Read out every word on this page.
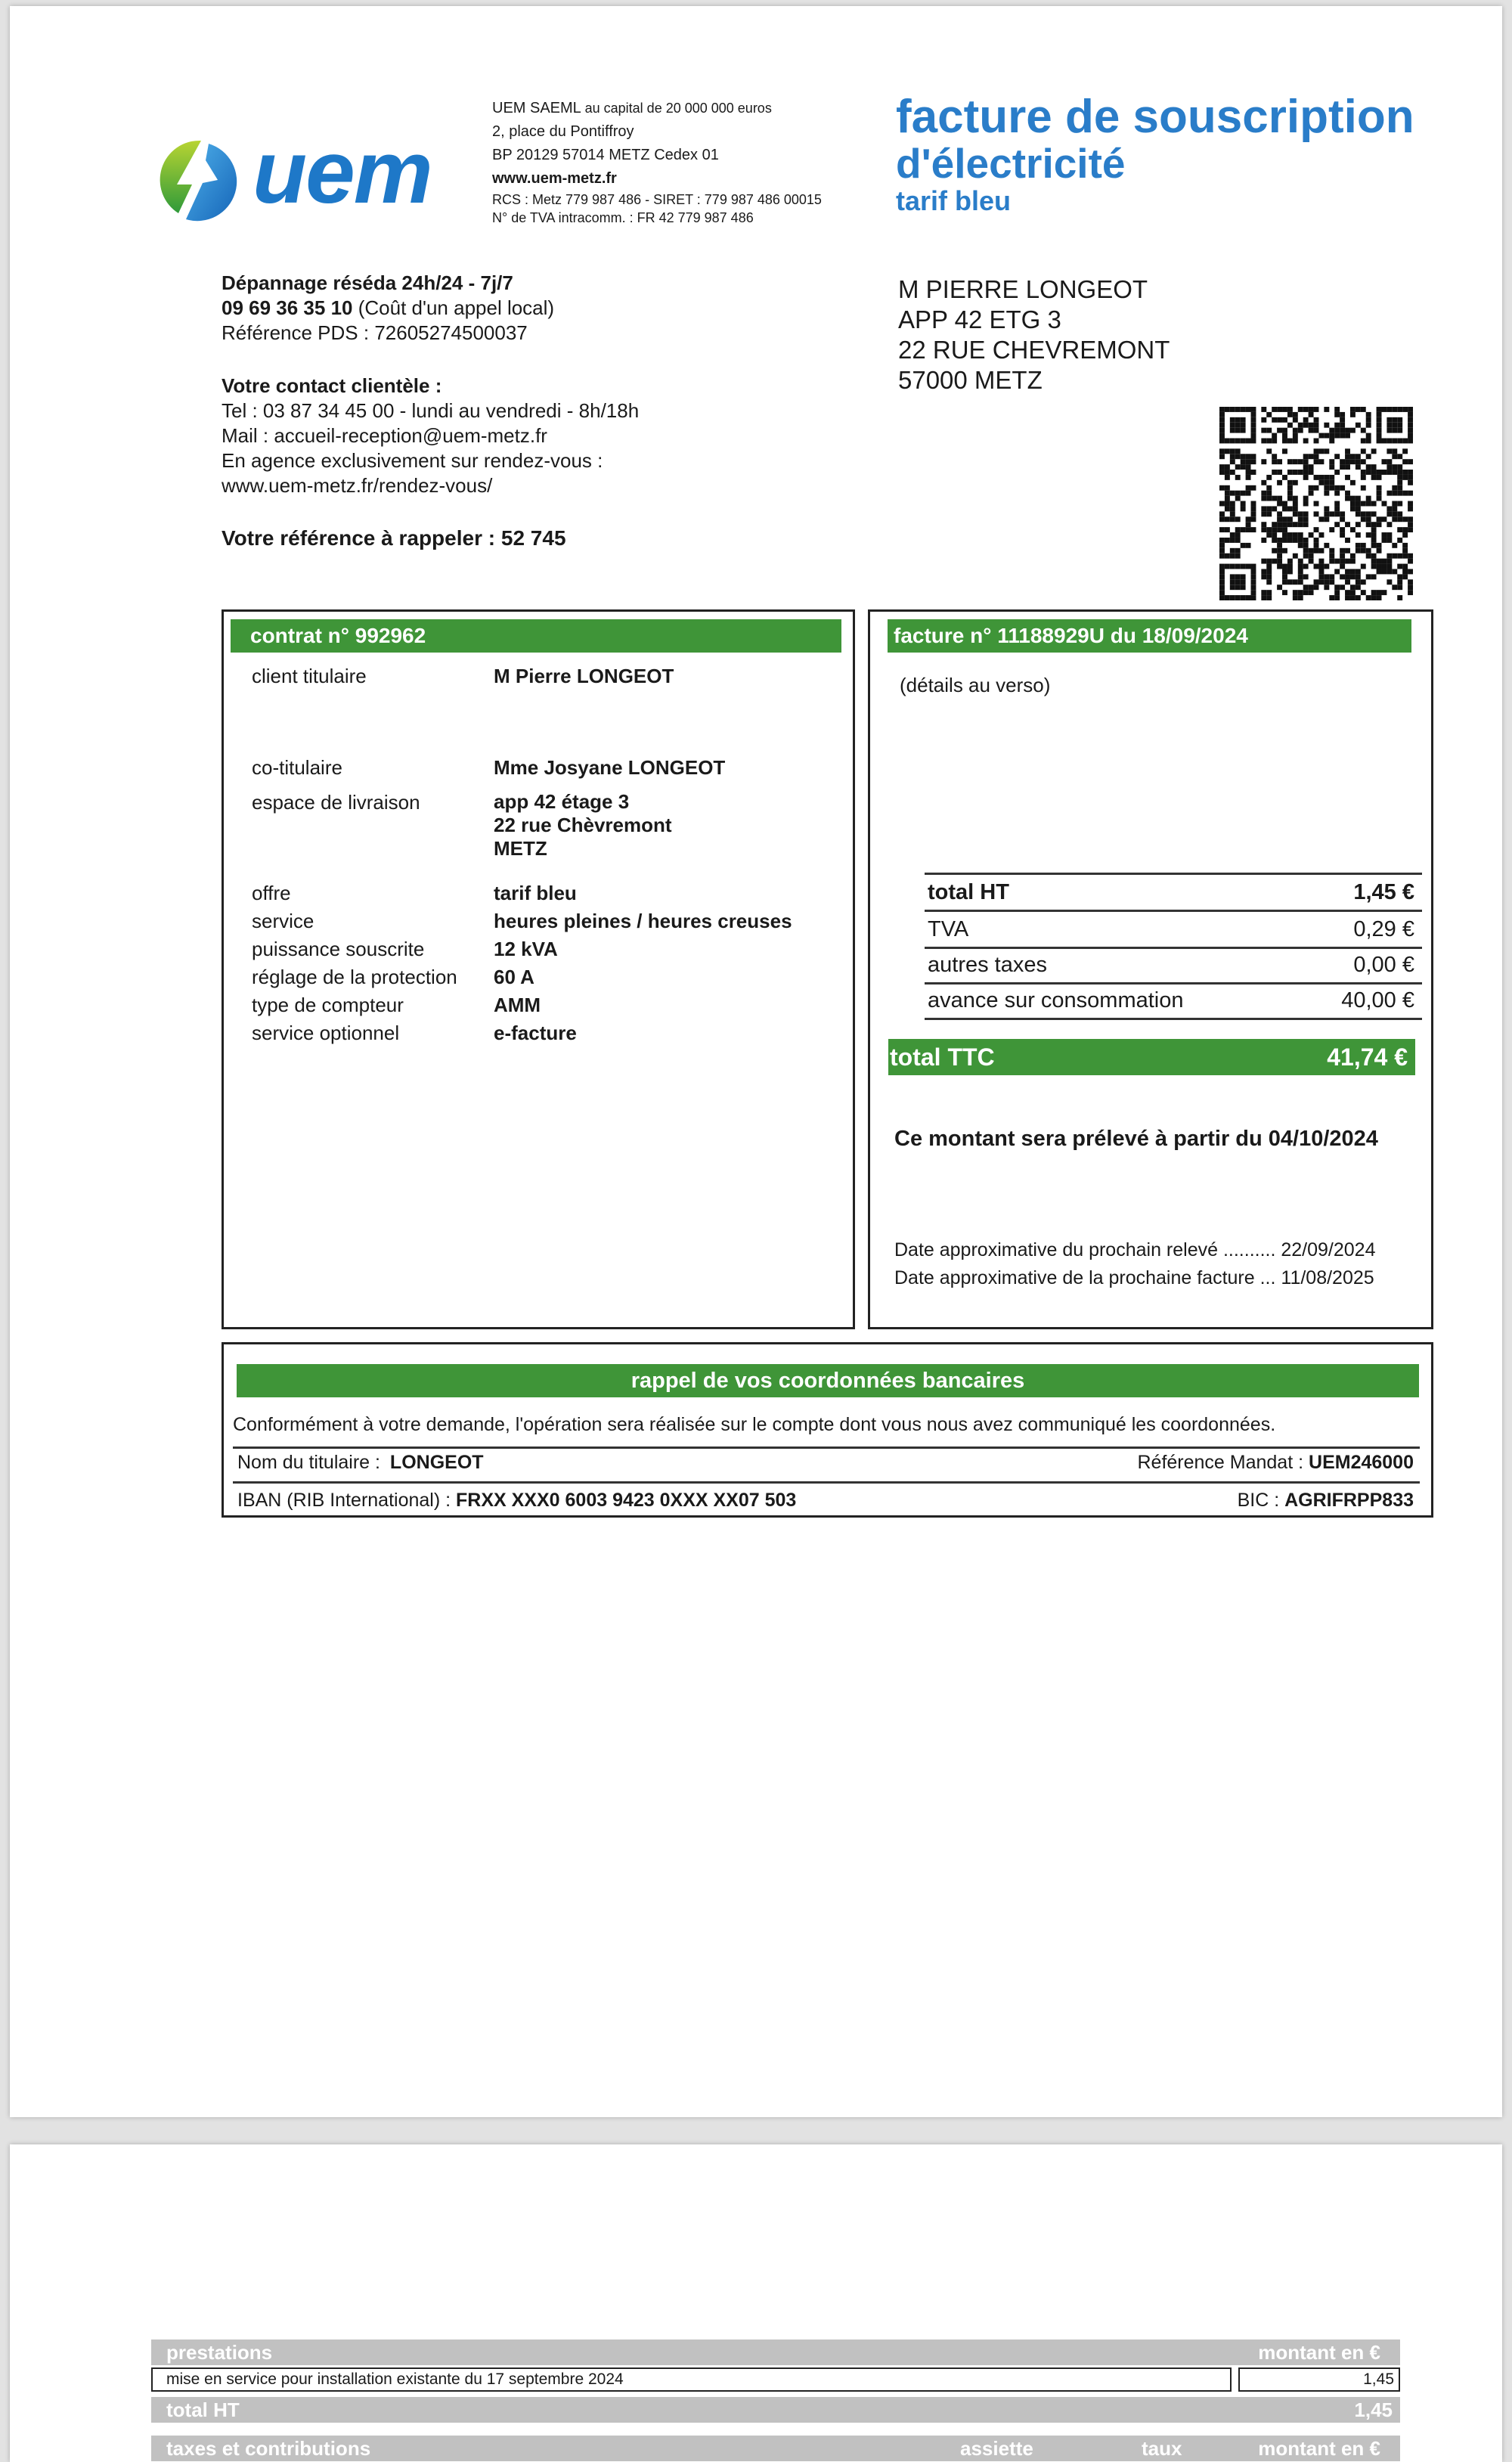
uem
UEM SAEML au capital de 20 000 000 euros
2, place du Pontiffroy
BP 20129 57014 METZ Cedex 01
www.uem-metz.fr
RCS : Metz 779 987 486 - SIRET : 779 987 486 00015
N° de TVA intracomm. : FR 42 779 987 486
facture de souscription
d'électricité
tarif bleu
M PIERRE LONGEOT
APP 42 ETG 3
22 RUE CHEVREMONT
57000 METZ
Dépannage réséda 24h/24 - 7j/7
09 69 36 35 10 (Coût d'un appel local)
Référence PDS : 72605274500037
Votre contact clientèle :
Tel : 03 87 34 45 00 - lundi au vendredi - 8h/18h
Mail : accueil-reception@uem-metz.fr
En agence exclusivement sur rendez-vous :
www.uem-metz.fr/rendez-vous/
Votre référence à rappeler : 52 745
contrat n° 992962
client titulaire	M Pierre LONGEOT
co-titulaire	Mme Josyane LONGEOT
espace de livraison	app 42 étage 3
22 rue Chèvremont
METZ
offre	tarif bleu
service	heures pleines / heures creuses
puissance souscrite	12 kVA
réglage de la protection 60 A
type de compteur	AMM
service optionnel	e-facture
facture n° 11188929U du 18/09/2024
(détails au verso)
total HT	1,45 €
TVA	0,29 €
autres taxes	0,00 €
avance sur consommation	40,00 €
total TTC	41,74 €
Ce montant sera prélevé à partir du 04/10/2024
Date approximative du prochain relevé .......... 22/09/2024
Date approximative de la prochaine facture ... 11/08/2025
rappel de vos coordonnées bancaires
Conformément à votre demande, l'opération sera réalisée sur le compte dont vous nous avez communiqué les coordonnées.
Nom du titulaire : LONGEOT	Référence Mandat : UEM246000
IBAN (RIB International) : FRXX XXX0 6003 9423 0XXX XX07 503	BIC : AGRIFRPP833
prestations	montant en €
mise en service pour installation existante du 17 septembre 2024	1,45
total HT	1,45
taxes et contributions	assiette	taux	montant en €
